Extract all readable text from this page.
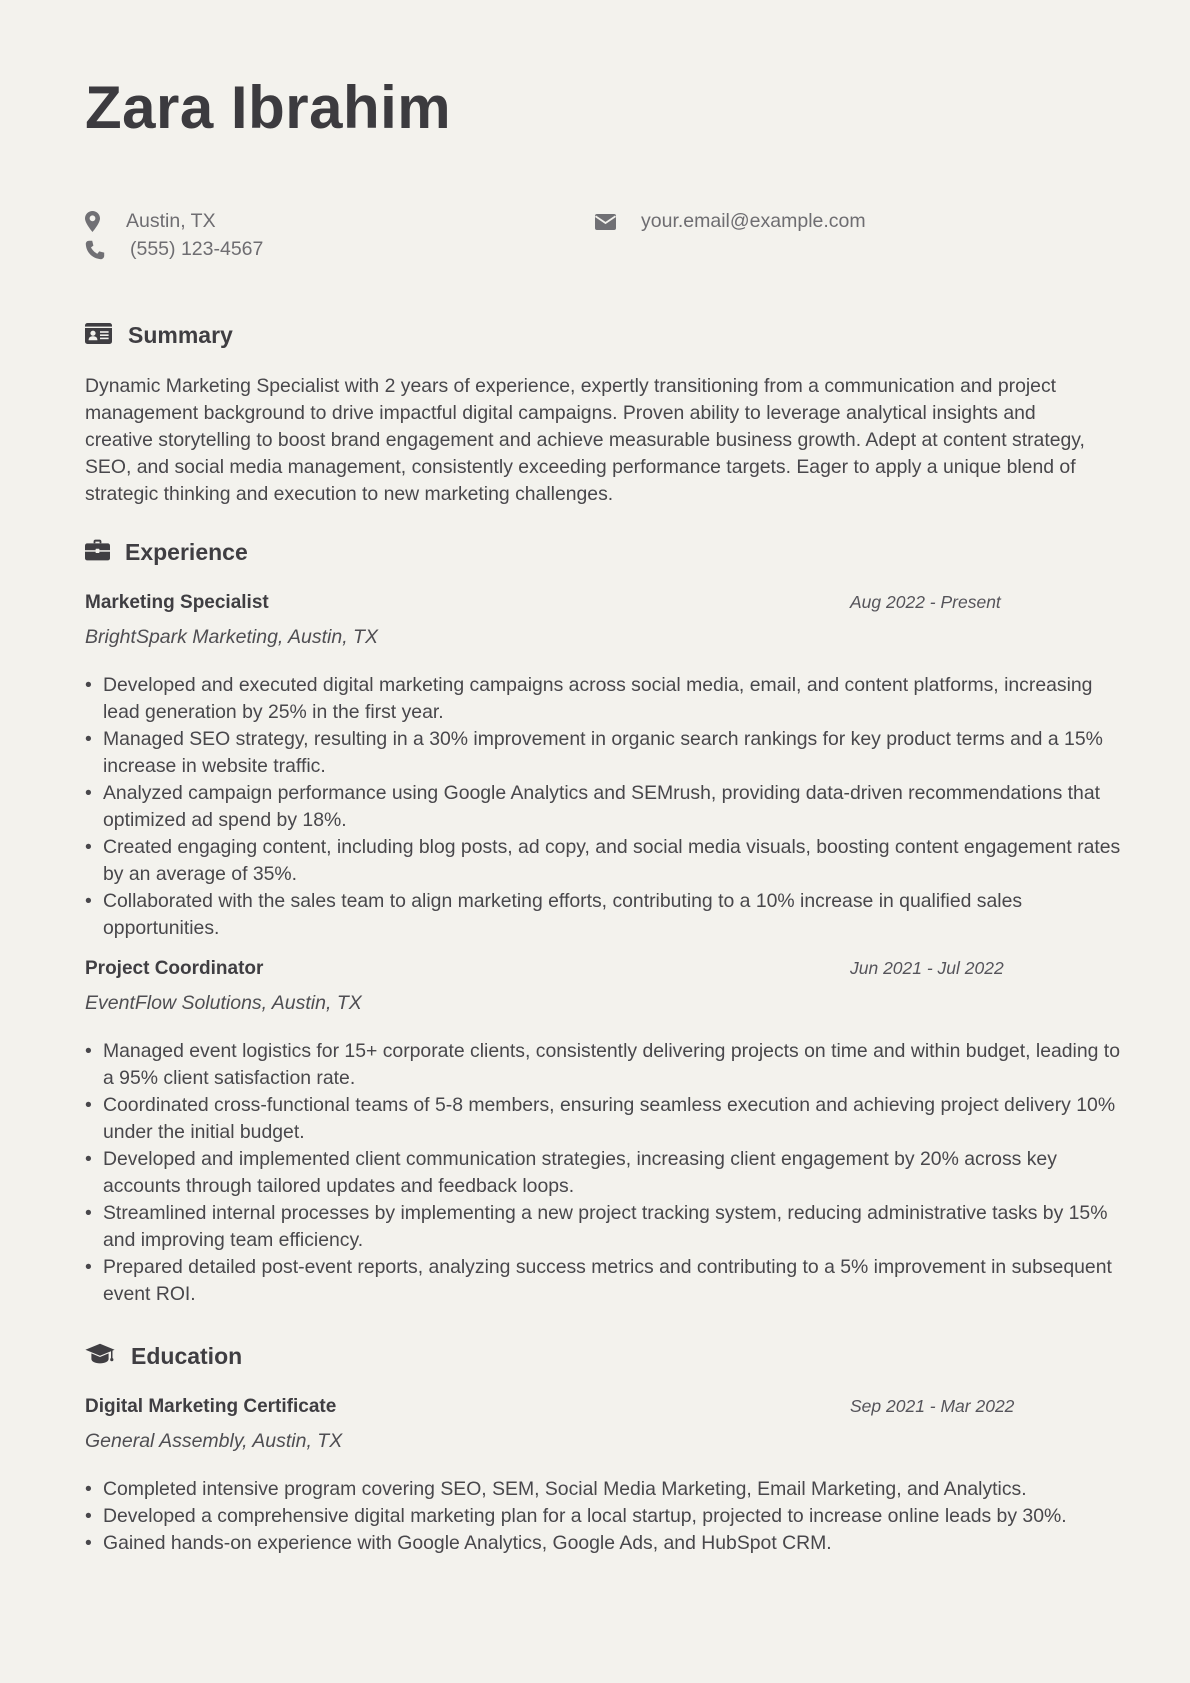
Zara Ibrahim
Austin, TX	your.email@example.com
(555) 123-4567
Summary

Dynamic Marketing Specialist with 2 years of experience, expertly transitioning from a communication and project management background to drive impactful digital campaigns. Proven ability to leverage analytical insights and creative storytelling to boost brand engagement and achieve measurable business growth. Adept at content strategy, SEO, and social media management, consistently exceeding performance targets. Eager to apply a unique blend of strategic thinking and execution to new marketing challenges.

Experience
Marketing Specialist	Aug 2022 - Present
BrightSpark Marketing, Austin, TX
• Developed and executed digital marketing campaigns across social media, email, and content platforms, increasing lead generation by 25% in the first year.
• Managed SEO strategy, resulting in a 30% improvement in organic search rankings for key product terms and a 15% increase in website traffic.
• Analyzed campaign performance using Google Analytics and SEMrush, providing data-driven recommendations that optimized ad spend by 18%.
• Created engaging content, including blog posts, ad copy, and social media visuals, boosting content engagement rates by an average of 35%.
• Collaborated with the sales team to align marketing efforts, contributing to a 10% increase in qualified sales opportunities.
Project Coordinator	Jun 2021 - Jul 2022
EventFlow Solutions, Austin, TX
• Managed event logistics for 15+ corporate clients, consistently delivering projects on time and within budget, leading to a 95% client satisfaction rate.
• Coordinated cross-functional teams of 5-8 members, ensuring seamless execution and achieving project delivery 10% under the initial budget.
• Developed and implemented client communication strategies, increasing client engagement by 20% across key accounts through tailored updates and feedback loops.
• Streamlined internal processes by implementing a new project tracking system, reducing administrative tasks by 15% and improving team efficiency.
• Prepared detailed post-event reports, analyzing success metrics and contributing to a 5% improvement in subsequent event ROI.
Education
Digital Marketing Certificate	Sep 2021 - Mar 2022
General Assembly, Austin, TX
• Completed intensive program covering SEO, SEM, Social Media Marketing, Email Marketing, and Analytics.
• Developed a comprehensive digital marketing plan for a local startup, projected to increase online leads by 30%.
• Gained hands-on experience with Google Analytics, Google Ads, and HubSpot CRM.
